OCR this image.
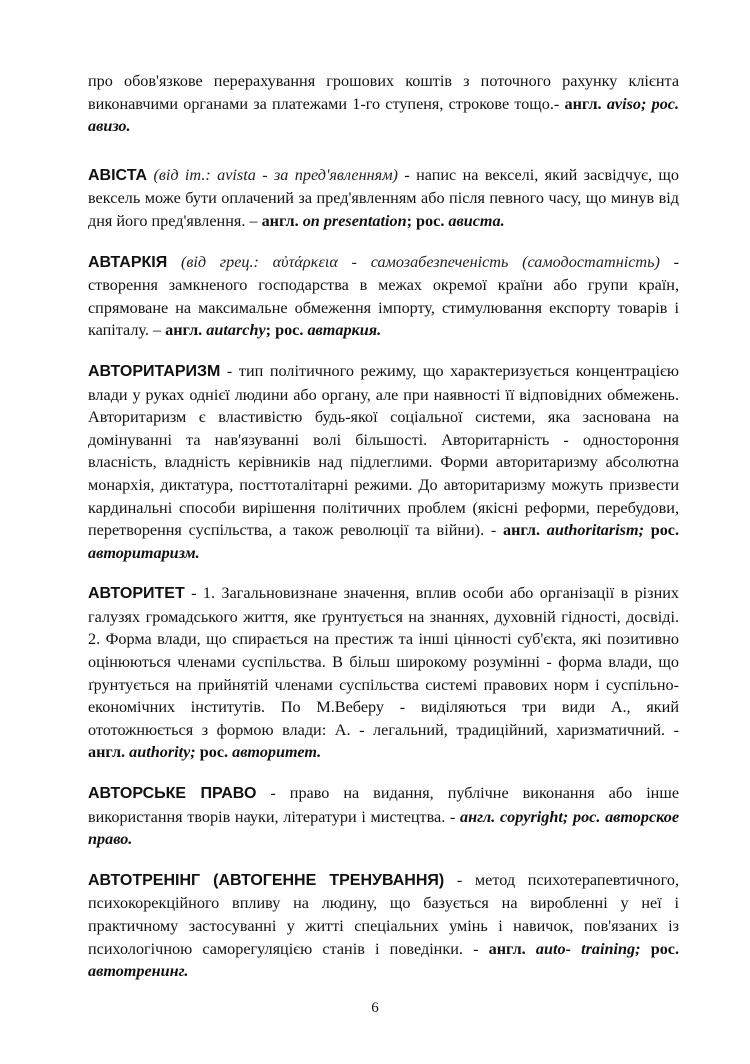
про обов'язкове перерахування грошових коштів з поточного рахунку клієнта виконавчими органами за платежами 1-го ступеня, строкове тощо.- англ. aviso; рос. авизо.

АВІСТА (від іт.: avista - за пред'явленням) - напис на векселі, який засвідчує, що вексель може бути оплачений за пред'явленням або після певного часу, що минув від дня його пред'явлення. – англ. on presentation; рос. ависта.

АВТАРКІЯ (від грец.: αὐτάρκεια - самозабезпеченість (самодостатність) - створення замкненого господарства в межах окремої країни або групи країн, спрямоване на максимальне обмеження імпорту, стимулювання експорту товарів і капіталу. – англ. autarchy; рос. автаркия.

АВТОРИТАРИЗМ - тип політичного режиму, що характеризується концентрацією влади у руках однієї людини або органу, але при наявності її відповідних обмежень. Авторитаризм є властивістю будь-якої соціальної системи, яка заснована на домінуванні та нав'язуванні волі більшості. Авторитарність - одностороння власність, владність керівників над підлеглими. Форми авторитаризму абсолютна монархія, диктатура, посттоталітарні режими. До авторитаризму можуть призвести кардинальні способи вирішення політичних проблем (якісні реформи, перебудови, перетворення суспільства, а також революції та війни). - англ. authoritarism; рос. авторитаризм.

АВТОРИТЕТ - 1. Загальновизнане значення, вплив особи або організації в різних галузях громадського життя, яке ґрунтується на знаннях, духовній гідності, досвіді. 2. Форма влади, що спирається на престиж та інші цінності суб'єкта, які позитивно оцінюються членами суспільства. В більш широкому розумінні - форма влади, що ґрунтується на прийнятій членами суспільства системі правових норм і суспільно-економічних інститутів. По М.Веберу - виділяються три види А., який ототожнюється з формою влади: А. - легальний, традиційний, харизматичний. - англ. authority; рос. авторитет.

АВТОРСЬКЕ ПРАВО - право на видання, публічне виконання або інше використання творів науки, літератури і мистецтва. - англ. copyright; рос. авторское право.

АВТОТРЕНІНГ (АВТОГЕННЕ ТРЕНУВАННЯ) - метод психотерапевтичного, психокорекційного впливу на людину, що базується на виробленні у неї і практичному застосуванні у житті спеціальних умінь і навичок, пов'язаних із психологічною саморегуляцією станів і поведінки. - англ. auto- training; рос. автотренинг.

6
